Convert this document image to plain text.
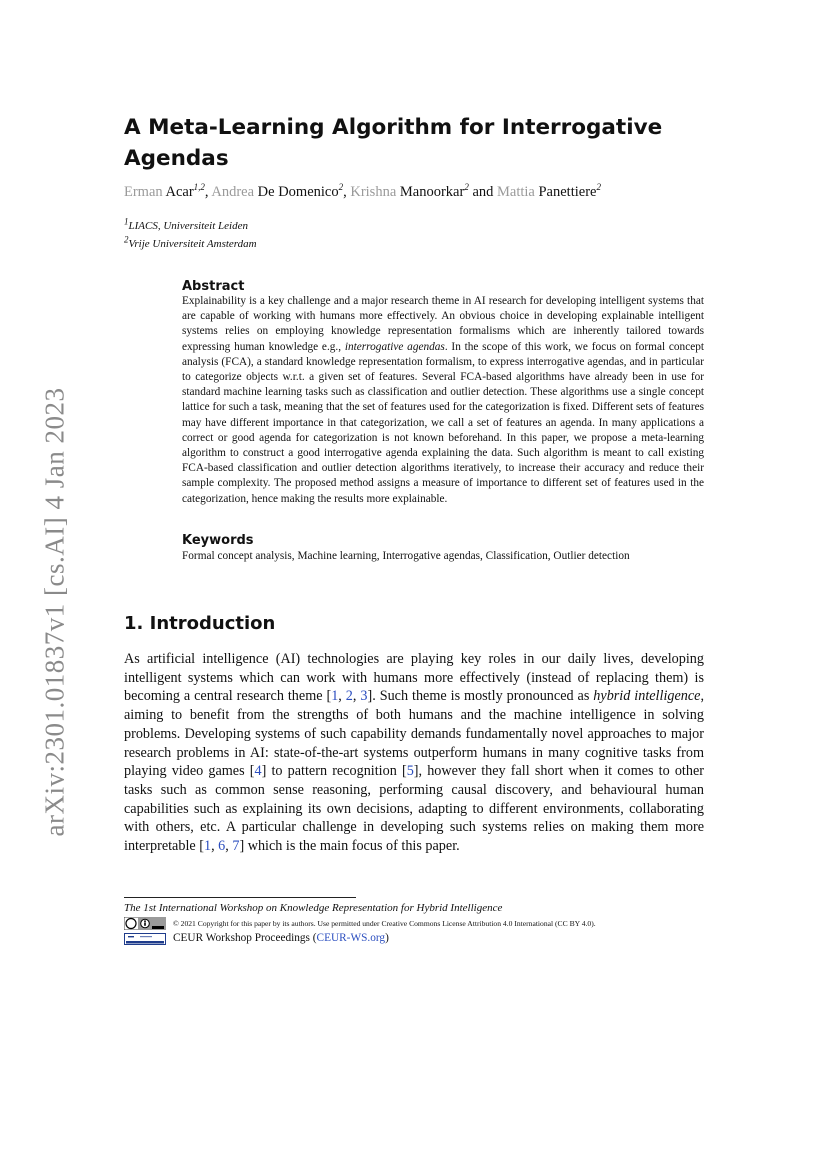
arXiv:2301.01837v1 [cs.AI] 4 Jan 2023
A Meta-Learning Algorithm for Interrogative Agendas
Erman Acar$^{1,2}$, Andrea De Domenico$^2$, Krishna Manoorkar$^2$ and Mattia Panettiere$^2$
$^1$LIACS, Universiteit Leiden
$^2$Vrije Universiteit Amsterdam
Abstract

Explainability is a key challenge and a major research theme in AI research for developing intelligent systems that are capable of working with humans more effectively. An obvious choice in developing explainable intelligent systems relies on employing knowledge representation formalisms which are inherently tailored towards expressing human knowledge e.g., interrogative agendas. In the scope of this work, we focus on formal concept analysis (FCA), a standard knowledge representation formalism, to express interrogative agendas, and in particular to categorize objects w.r.t. a given set of features. Several FCA-based algorithms have already been in use for standard machine learning tasks such as classification and outlier detection. These algorithms use a single concept lattice for such a task, meaning that the set of features used for the categorization is fixed. Different sets of features may have different importance in that categorization, we call a set of features an agenda. In many applications a correct or good agenda for categorization is not known beforehand. In this paper, we propose a meta-learning algorithm to construct a good interrogative agenda explaining the data. Such algorithm is meant to call existing FCA-based classification and outlier detection algorithms iteratively, to increase their accuracy and reduce their sample complexity. The proposed method assigns a measure of importance to different set of features used in the categorization, hence making the results more explainable.

Keywords

Formal concept analysis, Machine learning, Interrogative agendas, Classification, Outlier detection

1. Introduction

As artificial intelligence (AI) technologies are playing key roles in our daily lives, developing intelligent systems which can work with humans more effectively (instead of replacing them) is becoming a central research theme [1, 2, 3]. Such theme is mostly pronounced as hybrid intelligence, aiming to benefit from the strengths of both humans and the machine intelligence in solving problems. Developing systems of such capability demands fundamentally novel approaches to major research problems in AI: state-of-the-art systems outperform humans in many cognitive tasks from playing video games [4] to pattern recognition [5], however they fall short when it comes to other tasks such as common sense reasoning, performing causal discovery, and behavioural human capabilities such as explaining its own decisions, adapting to different environments, collaborating with others, etc. A particular challenge in developing such systems relies on making them more interpretable [1, 6, 7] which is the main focus of this paper.

The 1st International Workshop on Knowledge Representation for Hybrid Intelligence
© 2021 Copyright for this paper by its authors. Use permitted under Creative Commons License Attribution 4.0 International (CC BY 4.0).
CEUR Workshop Proceedings (CEUR-WS.org)
